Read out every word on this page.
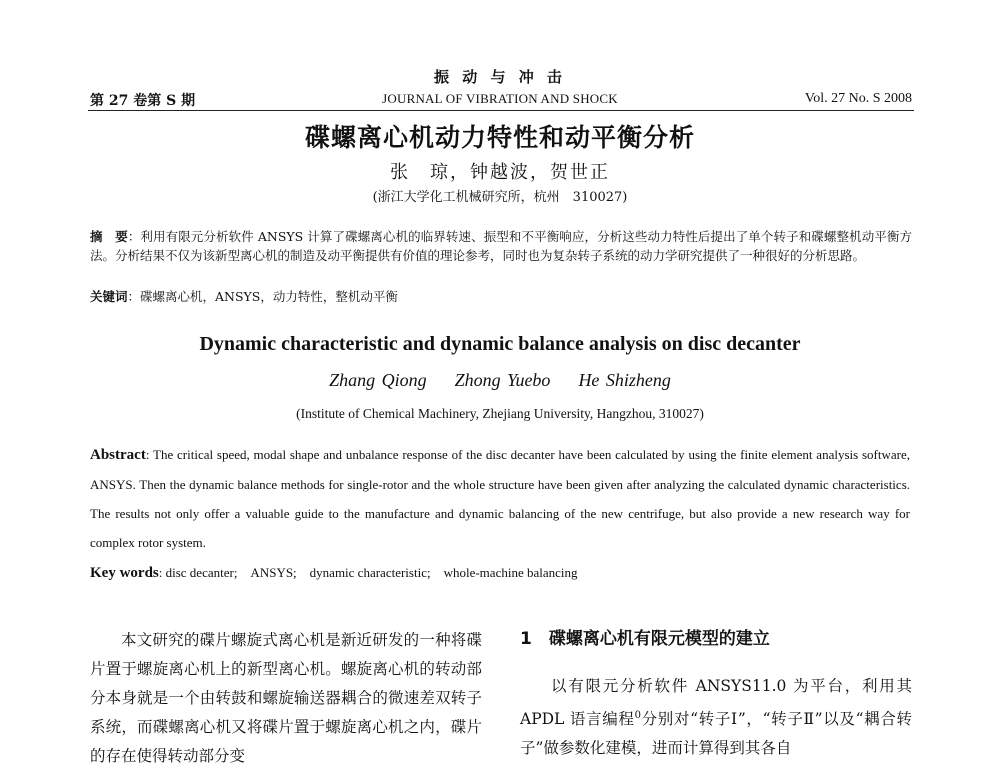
振 动 与 冲 击
第 27 卷第 S 期	JOURNAL OF VIBRATION AND SHOCK	Vol. 27 No. S 2008
碟螺离心机动力特性和动平衡分析
张　琼，钟越波，贺世正
(浙江大学化工机械研究所，杭州　310027)
摘　要：利用有限元分析软件 ANSYS 计算了碟螺离心机的临界转速、振型和不平衡响应，分析这些动力特性后提出了单个转子和碟螺整机动平衡方法。分析结果不仅为该新型离心机的制造及动平衡提供有价值的理论参考，同时也为复杂转子系统的动力学研究提供了一种很好的分析思路。
关键词：碟螺离心机，ANSYS，动力特性，整机动平衡
Dynamic characteristic and dynamic balance analysis on disc decanter
Zhang Qiong Zhong Yuebo He Shizheng
(Institute of Chemical Machinery, Zhejiang University, Hangzhou, 310027)
Abstract: The critical speed, modal shape and unbalance response of the disc decanter have been calculated by using the finite element analysis software, ANSYS. Then the dynamic balance methods for single-rotor and the whole structure have been given after analyzing the calculated dynamic characteristics. The results not only offer a valuable guide to the manufacture and dynamic balancing of the new centrifuge, but also provide a new research way for complex rotor system.
Key words: disc decanter;　ANSYS;　dynamic characteristic;　whole-machine balancing
本文研究的碟片螺旋式离心机是新近研发的一种将碟片置于螺旋离心机上的新型离心机。螺旋离心机的转动部分本身就是一个由转鼓和螺旋输送器耦合的微速差双转子系统，而碟螺离心机又将碟片置于螺旋离心机之内，碟片的存在使得转动部分变
1　碟螺离心机有限元模型的建立
以有限元分析软件 ANSYS11.0 为平台，利用其 APDL 语言编程$^0$分别对“转子Ⅰ”，“转子Ⅱ”以及“耦合转子”做参数化建模，进而计算得到其各自
